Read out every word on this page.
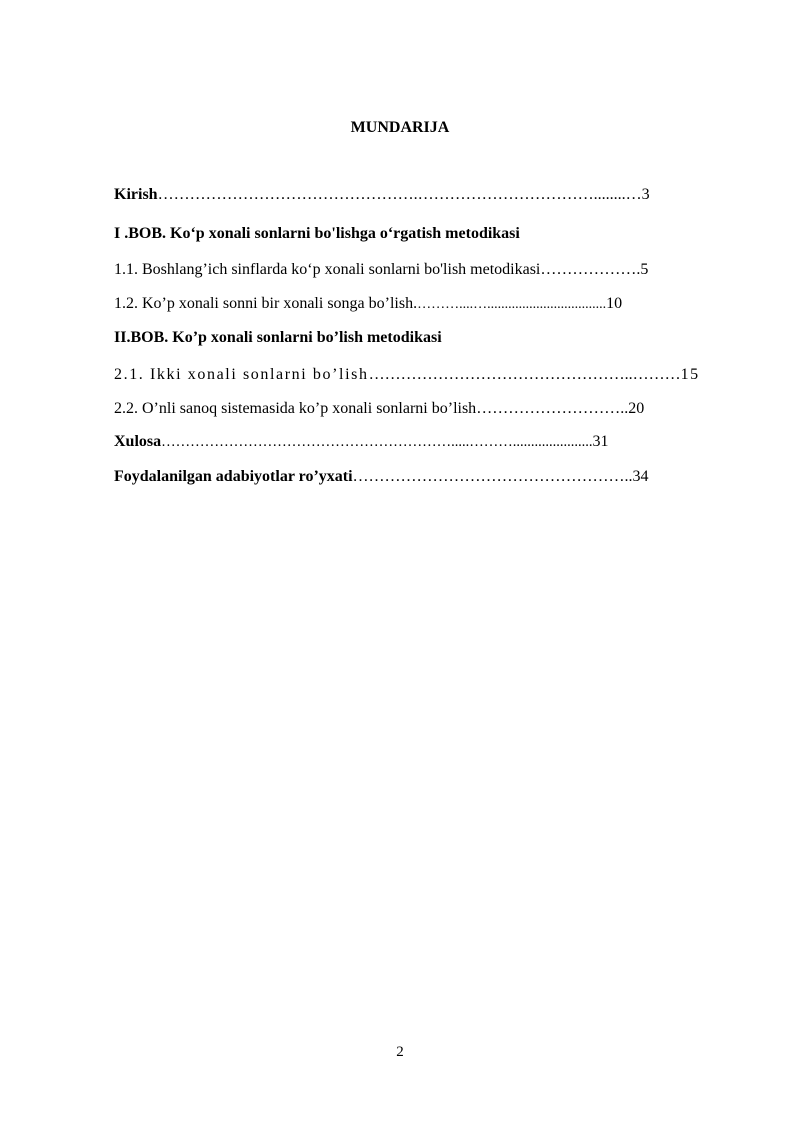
MUNDARIJA
Kirish………………………………………….……………………………........…3
I .BOB. Ko‘p xonali sonlarni bo'lishga o‘rgatish metodikasi
1.1. Boshlang’ich sinflarda ko‘p xonali sonlarni bo'lish metodikasi……………….5
1.2. Ko’p xonali sonni bir xonali songa bo’lish.………....…..................................10
II.BOB. Ko’p xonali sonlarni bo’lish metodikasi
2.1. Ikki xonali sonlarni bo’lish…………………………………………..………15
2.2. O’nli sanoq sistemasida ko’p xonali sonlarni bo’lish………………………..20
Xulosa…………………………………………………….....………......................31
Foydalanilgan adabiyotlar ro’yxati……………………………………………..34
2
